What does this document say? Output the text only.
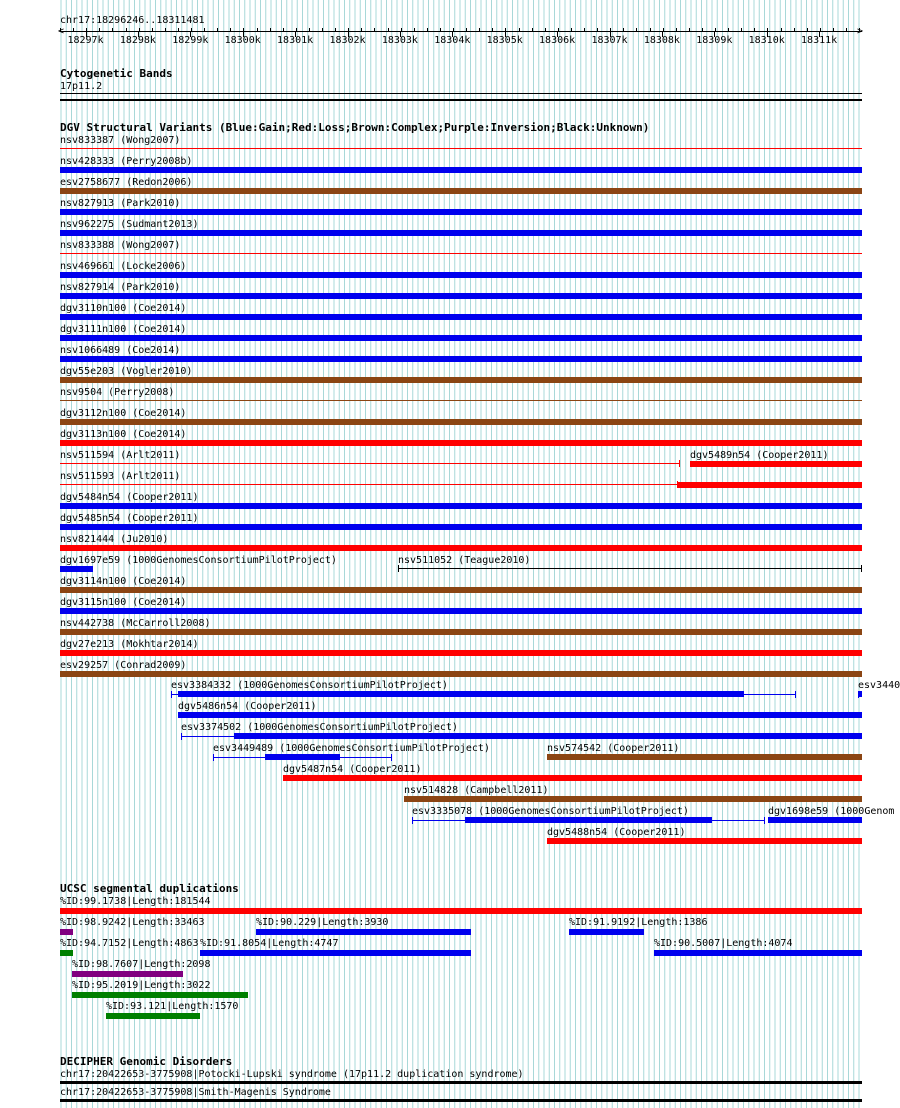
chr17:18296246..18311481
<	>
18297k 18298k 18299k 18300k 18301k 18302k 18303k 18304k 18305k 18306k 18307k 18308k 18309k 18310k 18311k
Cytogenetic Bands
17p11.2
DGV Structural Variants (Blue:Gain;Red:Loss;Brown:Complex;Purple:Inversion;Black:Unknown)
nsv833387 (Wong2007)
nsv428333 (Perry2008b)
esv2758677 (Redon2006)
nsv827913 (Park2010)
nsv962275 (Sudmant2013)
nsv833388 (Wong2007)
nsv469661 (Locke2006)
nsv827914 (Park2010)
dgv3110n100 (Coe2014)
dgv3111n100 (Coe2014)
nsv1066489 (Coe2014)
dgv55e203 (Vogler2010)
nsv9504 (Perry2008)
dgv3112n100 (Coe2014)
dgv3113n100 (Coe2014)
nsv511594 (Arlt2011)	dgv5489n54 (Cooper2011)
nsv511593 (Arlt2011)
dgv5484n54 (Cooper2011)
dgv5485n54 (Cooper2011)
nsv821444 (Ju2010)
dgv1697e59 (1000GenomesConsortiumPilotProject)	nsv511052 (Teague2010)
dgv3114n100 (Coe2014)
dgv3115n100 (Coe2014)
nsv442738 (McCarroll2008)
dgv27e213 (Mokhtar2014)
esv29257 (Conrad2009)
esv3384332 (1000GenomesConsortiumPilotProject)	esv3440
dgv5486n54 (Cooper2011)
esv3374502 (1000GenomesConsortiumPilotProject)
esv3449489 (1000GenomesConsortiumPilotProject)	nsv574542 (Cooper2011)
dgv5487n54 (Cooper2011)
nsv514828 (Campbell2011)
esv3335078 (1000GenomesConsortiumPilotProject)	dgv1698e59 (1000Genom
dgv5488n54 (Cooper2011)
UCSC segmental duplications
%ID:99.1738|Length:181544
%ID:98.9242|Length:33463	%ID:90.229|Length:3930	%ID:91.9192|Length:1386
%ID:94.7152|Length:4863 %ID:91.8054|Length:4747	%ID:90.5007|Length:4074
%ID:98.7607|Length:2098
%ID:95.2019|Length:3022
%ID:93.121|Length:1570
DECIPHER Genomic Disorders
chr17:20422653-3775908|Potocki-Lupski syndrome (17p11.2 duplication syndrome)
chr17:20422653-3775908|Smith-Magenis Syndrome
